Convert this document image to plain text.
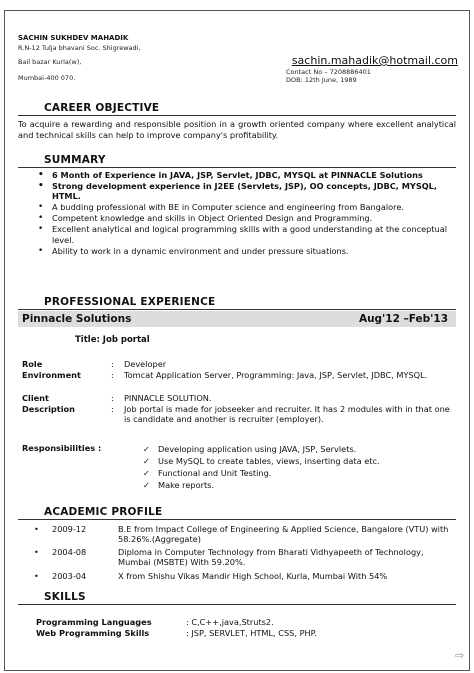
SACHIN SUKHDEV MAHADIK
R.N-12 Tulja bhavani Soc. Shigrewadi,
Bail bazar Kurla(w),
Mumbai-400 070.
sachin.mahadik@hotmail.com
Contact No – 7208886401
DOB: 12th June, 1989
CAREER OBJECTIVE
To acquire a rewarding and responsible position in a growth oriented company where excellent analytical and technical skills can help to improve company's profitability.
SUMMARY
• 6 Month of Experience in JAVA, JSP, Servlet, JDBC, MYSQL at PINNACLE Solutions
• Strong development experience in J2EE (Servlets, JSP), OO concepts, JDBC, MYSQL, HTML.
• A budding professional with BE in Computer science and engineering from Bangalore.
• Competent knowledge and skills in Object Oriented Design and Programming.
• Excellent analytical and logical programming skills with a good understanding at the conceptual level.
• Ability to work in a dynamic environment and under pressure situations.
PROFESSIONAL EXPERIENCE
Pinnacle Solutions	Aug'12 –Feb'13
Title: Job portal
Role	: Developer
Environment	: Tomcat Application Server, Programming: Java, JSP, Servlet, JDBC, MYSQL.
Client	: PINNACLE SOLUTION.
Description	: Job portal is made for jobseeker and recruiter. It has 2 modules with in that one is candidate and another is recruiter (employer).
Responsibilities :	✓ Developing application using JAVA, JSP, Servlets.
✓ Use MySQL to create tables, views, inserting data etc.
✓ Functional and Unit Testing.
✓ Make reports.
ACADEMIC PROFILE
• 2009-12	B.E from Impact College of Engineering & Applied Science, Bangalore (VTU) with 58.26%.(Aggregate)
• 2004-08	Diploma in Computer Technology from Bharati Vidhyapeeth of Technology, Mumbai (MSBTE) With 59.20%.
• 2003-04	X from Shishu Vikas Mandir High School, Kurla, Mumbai With 54%
SKILLS
Programming Languages	: C,C++,java,Struts2.
Web Programming Skills	: JSP, SERVLET, HTML, CSS, PHP.
⇨
